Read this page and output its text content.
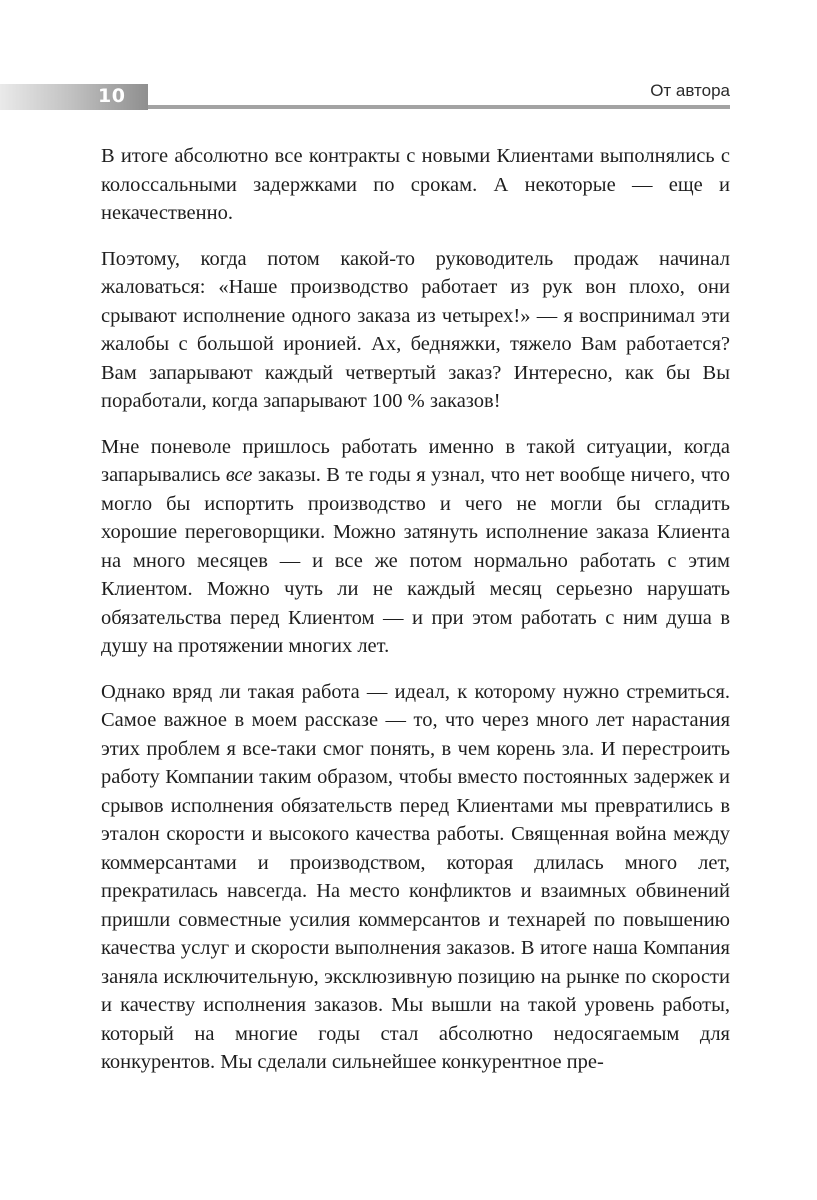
10	От автора

В итоге абсолютно все контракты с новыми Клиентами выполнялись с колоссальными задержками по срокам. А некоторые — еще и некачественно.

Поэтому, когда потом какой-то руководитель продаж начинал жаловаться: «Наше производство работает из рук вон плохо, они срывают исполнение одного заказа из четырех!» — я воспринимал эти жалобы с большой иронией. Ах, бедняжки, тяжело Вам работается? Вам запарывают каждый четвертый заказ? Интересно, как бы Вы поработали, когда запарывают 100 % заказов!

Мне поневоле пришлось работать именно в такой ситуации, когда запарывались все заказы. В те годы я узнал, что нет вообще ничего, что могло бы испортить производство и чего не могли бы сгладить хорошие переговорщики. Можно затянуть исполнение заказа Клиента на много месяцев — и все же потом нормально работать с этим Клиентом. Можно чуть ли не каждый месяц серьезно нарушать обязательства перед Клиентом — и при этом работать с ним душа в душу на протяжении многих лет.

Однако вряд ли такая работа — идеал, к которому нужно стремиться. Самое важное в моем рассказе — то, что через много лет нарастания этих проблем я все-таки смог понять, в чем корень зла. И перестроить работу Компании таким образом, чтобы вместо постоянных задержек и срывов исполнения обязательств перед Клиентами мы превратились в эталон скорости и высокого качества работы. Священная война между коммерсантами и производством, которая длилась много лет, прекратилась навсегда. На место конфликтов и взаимных обвинений пришли совместные усилия коммерсантов и технарей по повышению качества услуг и скорости выполнения заказов. В итоге наша Компания заняла исключительную, эксклюзивную позицию на рынке по скорости и качеству исполнения заказов. Мы вышли на такой уровень работы, который на многие годы стал абсолютно недосягаемым для конкурентов. Мы сделали сильнейшее конкурентное пре-
